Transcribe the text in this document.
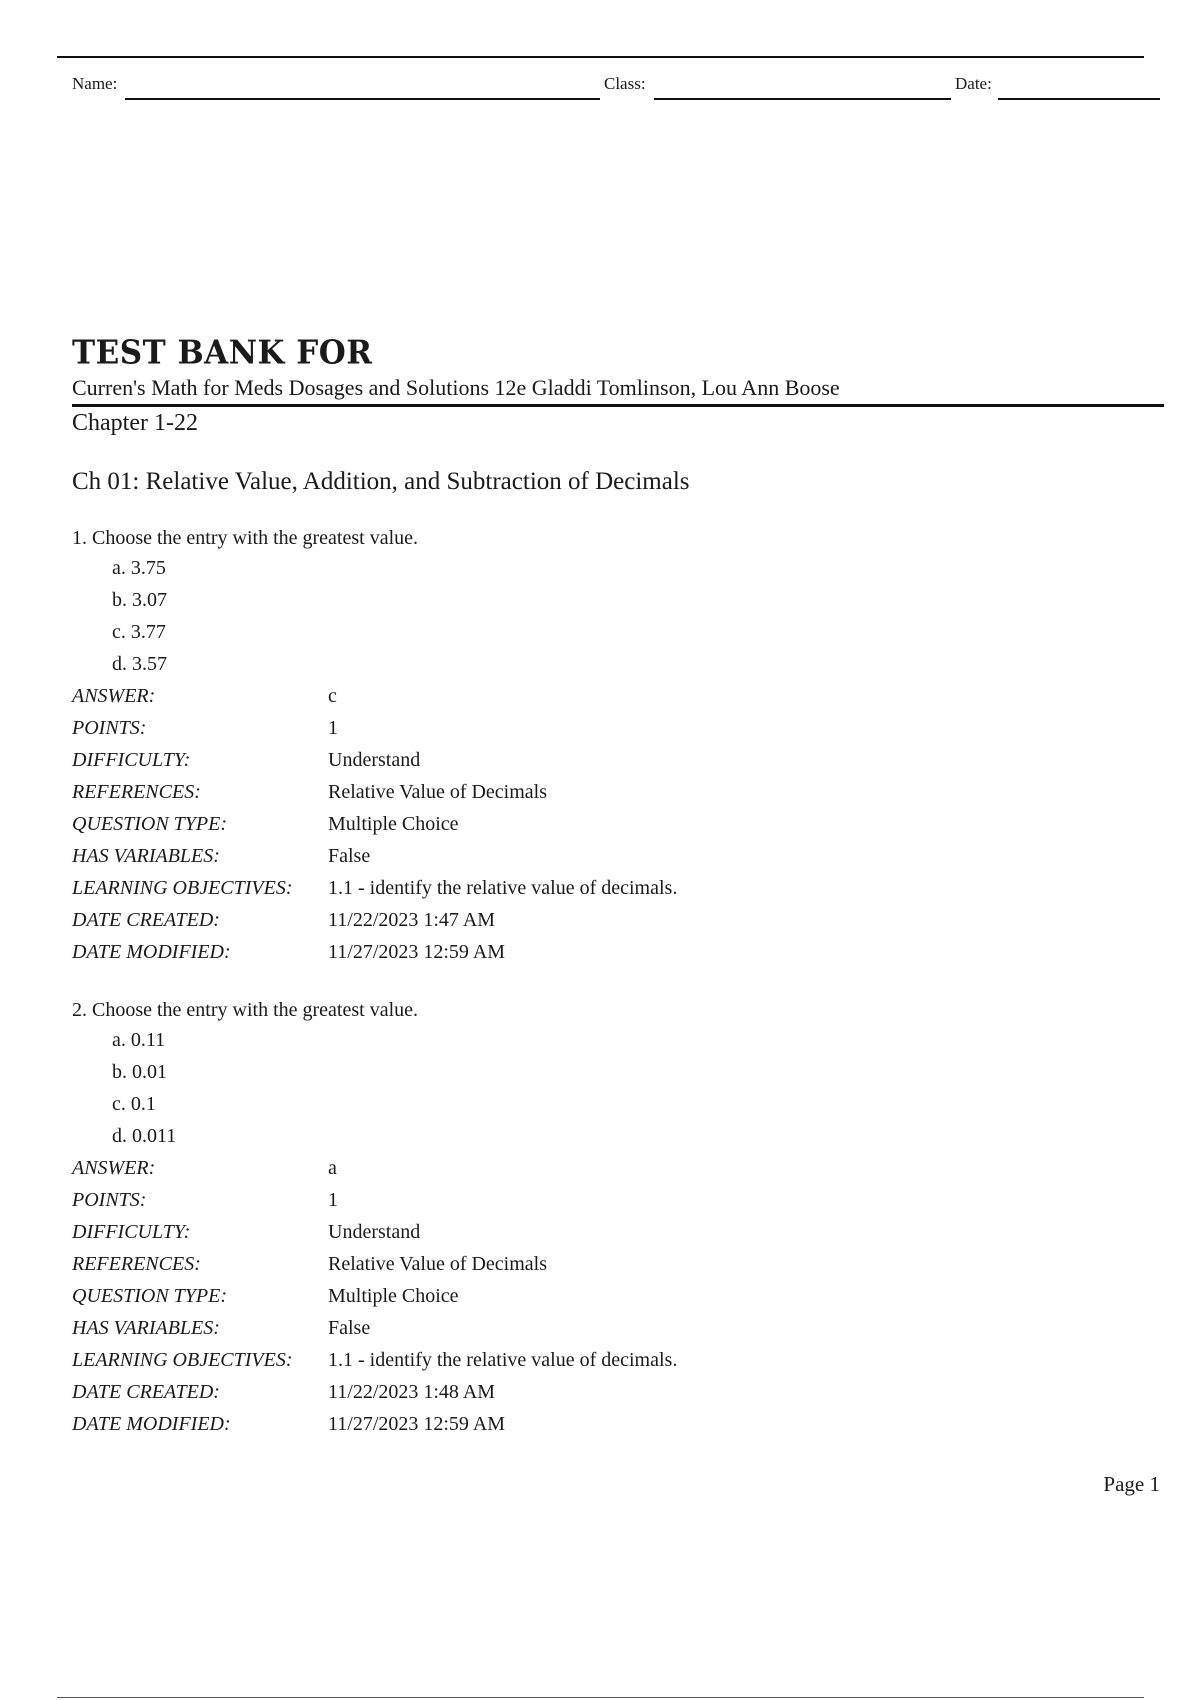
Name:	Class:	Date:
TEST BANK FOR
Curren's Math for Meds Dosages and Solutions 12e Gladdi Tomlinson, Lou Ann Boose
Chapter 1-22
Ch 01: Relative Value, Addition, and Subtraction of Decimals
1. Choose the entry with the greatest value.
a. 3.75
b. 3.07
c. 3.77
d. 3.57
ANSWER:	c
POINTS:	1
DIFFICULTY:	Understand
REFERENCES:	Relative Value of Decimals
QUESTION TYPE:	Multiple Choice
HAS VARIABLES:	False
LEARNING OBJECTIVES: 1.1 - identify the relative value of decimals.
DATE CREATED:	11/22/2023 1:47 AM
DATE MODIFIED:	11/27/2023 12:59 AM
2. Choose the entry with the greatest value.
a. 0.11
b. 0.01
c. 0.1
d. 0.011
ANSWER:	a
POINTS:	1
DIFFICULTY:	Understand
REFERENCES:	Relative Value of Decimals
QUESTION TYPE:	Multiple Choice
HAS VARIABLES:	False
LEARNING OBJECTIVES: 1.1 - identify the relative value of decimals.
DATE CREATED:	11/22/2023 1:48 AM
DATE MODIFIED:	11/27/2023 12:59 AM
Page 1
